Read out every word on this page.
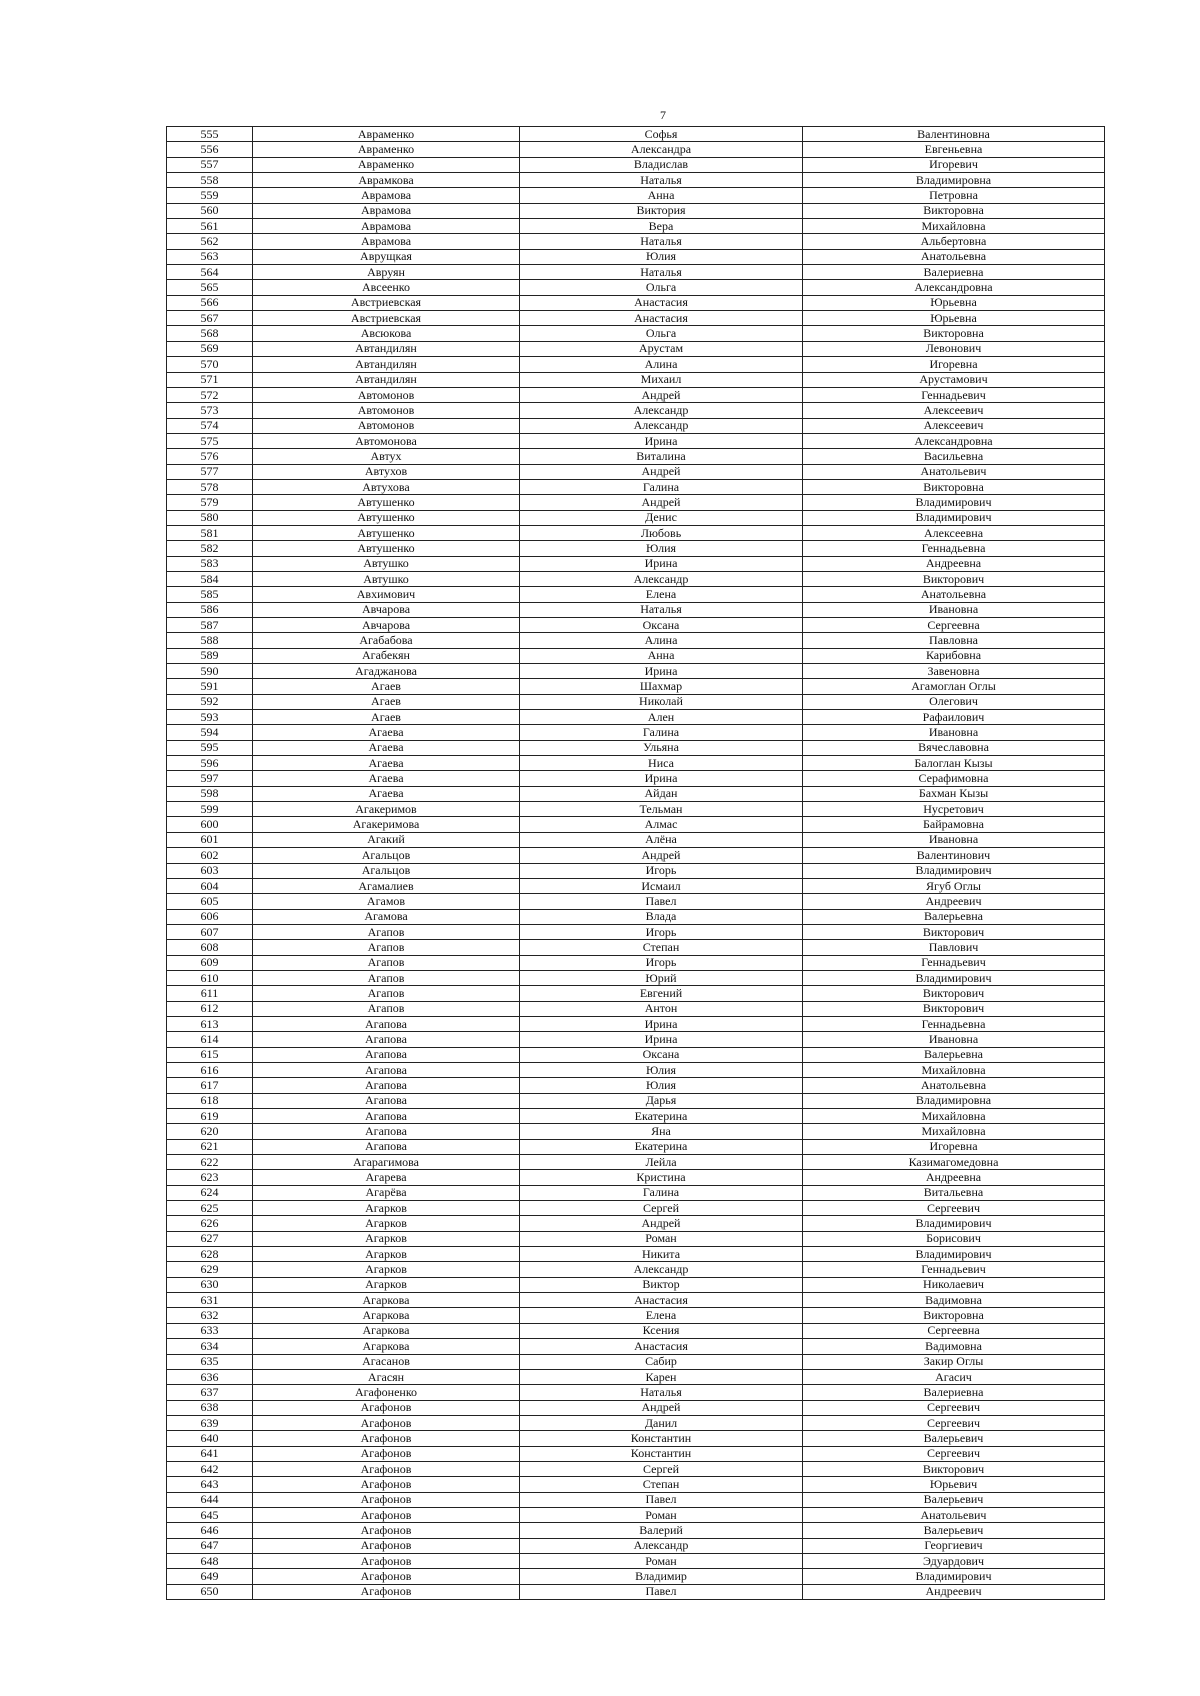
7
555	Авраменко	Софья	Валентиновна
556	Авраменко	Александра	Евгеньевна
557	Авраменко	Владислав	Игоревич
558	Аврамкова	Наталья	Владимировна
559	Аврамова	Анна	Петровна
560	Аврамова	Виктория	Викторовна
561	Аврамова	Вера	Михайловна
562	Аврамова	Наталья	Альбертовна
563	Аврущкая	Юлия	Анатольевна
564	Авруян	Наталья	Валериевна
565	Авсеенко	Ольга	Александровна
566	Австриевская	Анастасия	Юрьевна
567	Австриевская	Анастасия	Юрьевна
568	Авсюкова	Ольга	Викторовна
569	Автандилян	Арустам	Левонович
570	Автандилян	Алина	Игоревна
571	Автандилян	Михаил	Арустамович
572	Автомонов	Андрей	Геннадьевич
573	Автомонов	Александр	Алексеевич
574	Автомонов	Александр	Алексеевич
575	Автомонова	Ирина	Александровна
576	Автух	Виталина	Васильевна
577	Автухов	Андрей	Анатольевич
578	Автухова	Галина	Викторовна
579	Автушенко	Андрей	Владимирович
580	Автушенко	Денис	Владимирович
581	Автушенко	Любовь	Алексеевна
582	Автушенко	Юлия	Геннадьевна
583	Автушко	Ирина	Андреевна
584	Автушко	Александр	Викторович
585	Авхимович	Елена	Анатольевна
586	Авчарова	Наталья	Ивановна
587	Авчарова	Оксана	Сергеевна
588	Агабабова	Алина	Павловна
589	Агабекян	Анна	Карибовна
590	Агаджанова	Ирина	Завеновна
591	Агаев	Шахмар	Агамоглан Оглы
592	Агаев	Николай	Олегович
593	Агаев	Ален	Рафаилович
594	Агаева	Галина	Ивановна
595	Агаева	Ульяна	Вячеславовна
596	Агаева	Ниса	Балоглан Кызы
597	Агаева	Ирина	Серафимовна
598	Агаева	Айдан	Бахман Кызы
599	Агакеримов	Тельман	Нусретович
600	Агакеримова	Алмас	Байрамовна
601	Агакий	Алёна	Ивановна
602	Агальцов	Андрей	Валентинович
603	Агальцов	Игорь	Владимирович
604	Агамалиев	Исмаил	Ягуб Оглы
605	Агамов	Павел	Андреевич
606	Агамова	Влада	Валерьевна
607	Агапов	Игорь	Викторович
608	Агапов	Степан	Павлович
609	Агапов	Игорь	Геннадьевич
610	Агапов	Юрий	Владимирович
611	Агапов	Евгений	Викторович
612	Агапов	Антон	Викторович
613	Агапова	Ирина	Геннадьевна
614	Агапова	Ирина	Ивановна
615	Агапова	Оксана	Валерьевна
616	Агапова	Юлия	Михайловна
617	Агапова	Юлия	Анатольевна
618	Агапова	Дарья	Владимировна
619	Агапова	Екатерина	Михайловна
620	Агапова	Яна	Михайловна
621	Агапова	Екатерина	Игоревна
622	Агарагимова	Лейла	Казимагомедовна
623	Агарева	Кристина	Андреевна
624	Агарёва	Галина	Витальевна
625	Агарков	Сергей	Сергеевич
626	Агарков	Андрей	Владимирович
627	Агарков	Роман	Борисович
628	Агарков	Никита	Владимирович
629	Агарков	Александр	Геннадьевич
630	Агарков	Виктор	Николаевич
631	Агаркова	Анастасия	Вадимовна
632	Агаркова	Елена	Викторовна
633	Агаркова	Ксения	Сергеевна
634	Агаркова	Анастасия	Вадимовна
635	Агасанов	Сабир	Закир Оглы
636	Агасян	Карен	Агасич
637	Агафоненко	Наталья	Валериевна
638	Агафонов	Андрей	Сергеевич
639	Агафонов	Данил	Сергеевич
640	Агафонов	Константин	Валерьевич
641	Агафонов	Константин	Сергеевич
642	Агафонов	Сергей	Викторович
643	Агафонов	Степан	Юрьевич
644	Агафонов	Павел	Валерьевич
645	Агафонов	Роман	Анатольевич
646	Агафонов	Валерий	Валерьевич
647	Агафонов	Александр	Георгиевич
648	Агафонов	Роман	Эдуардович
649	Агафонов	Владимир	Владимирович
650	Агафонов	Павел	Андреевич
